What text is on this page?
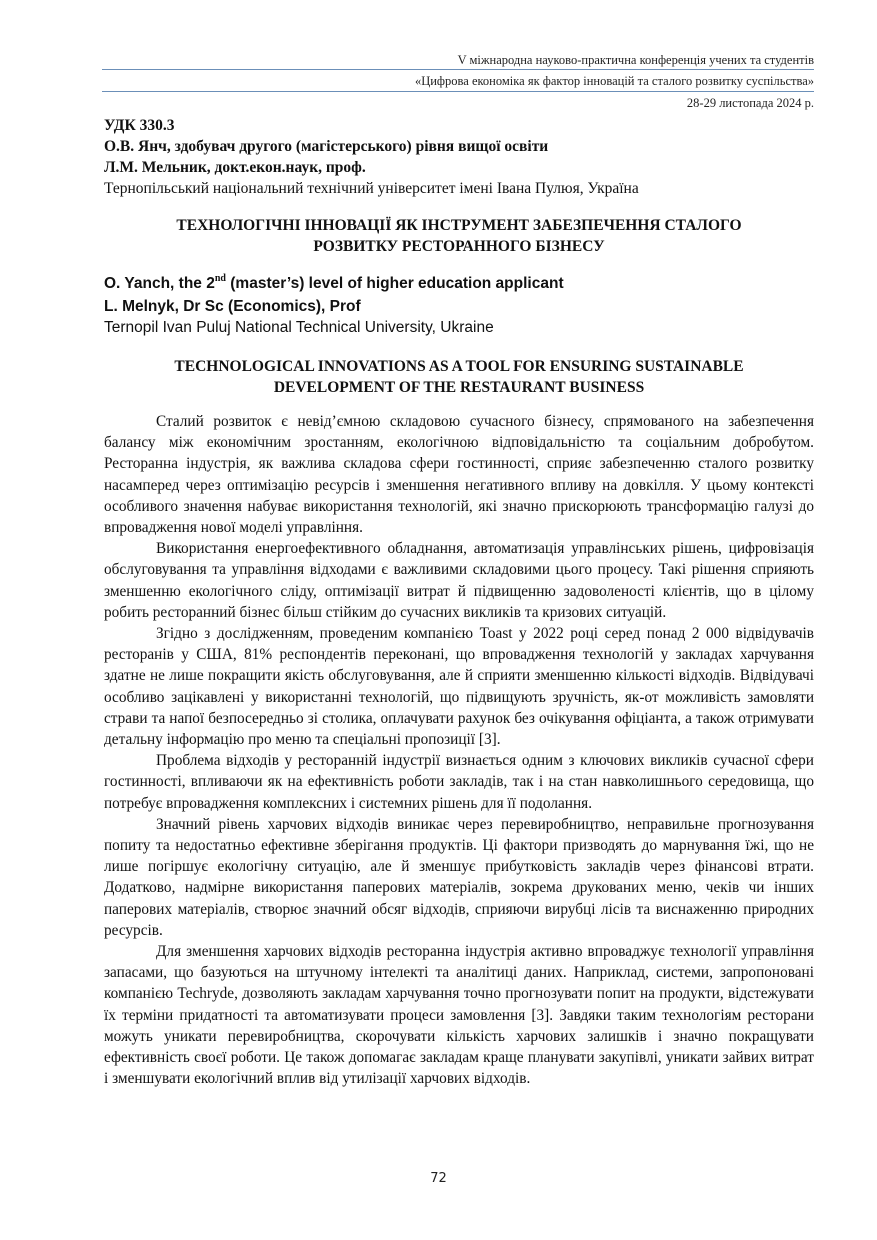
V міжнародна науково-практична конференція учених та студентів
«Цифрова економіка як фактор інновацій та сталого розвитку суспільства»
28-29 листопада 2024 р.

УДК 330.3

О.В. Янч, здобувач другого (магістерського) рівня вищої освіти

Л.М. Мельник, докт.екон.наук, проф.

Тернопільський національний технічний університет імені Івана Пулюя, Україна

ТЕХНОЛОГІЧНІ ІННОВАЦІЇ ЯК ІНСТРУМЕНТ ЗАБЕЗПЕЧЕННЯ СТАЛОГО

РОЗВИТКУ РЕСТОРАННОГО БІЗНЕСУ

O. Yanch, the 2nd (master’s) level of higher education applicant

L. Melnyk, Dr Sc (Economics), Prof

Ternopil Ivan Puluj National Technical University, Ukraine

TECHNOLOGICAL INNOVATIONS AS A TOOL FOR ENSURING SUSTAINABLE

DEVELOPMENT OF THE RESTAURANT BUSINESS

Сталий розвиток є невід’ємною складовою сучасного бізнесу, спрямованого на забезпечення балансу між економічним зростанням, екологічною відповідальністю та соціальним добробутом. Ресторанна індустрія, як важлива складова сфери гостинності, сприяє забезпеченню сталого розвитку насамперед через оптимізацію ресурсів і зменшення негативного впливу на довкілля. У цьому контексті особливого значення набуває використання технологій, які значно прискорюють трансформацію галузі до впровадження нової моделі управління.

Використання енергоефективного обладнання, автоматизація управлінських рішень, цифровізація обслуговування та управління відходами є важливими складовими цього процесу. Такі рішення сприяють зменшенню екологічного сліду, оптимізації витрат й підвищенню задоволеності клієнтів, що в цілому робить ресторанний бізнес більш стійким до сучасних викликів та кризових ситуацій.

Згідно з дослідженням, проведеним компанією Toast у 2022 році серед понад 2 000 відвідувачів ресторанів у США, 81% респондентів переконані, що впровадження технологій у закладах харчування здатне не лише покращити якість обслуговування, але й сприяти зменшенню кількості відходів. Відвідувачі особливо зацікавлені у використанні технологій, що підвищують зручність, як-от можливість замовляти страви та напої безпосередньо зі столика, оплачувати рахунок без очікування офіціанта, а також отримувати детальну інформацію про меню та спеціальні пропозиції [3].

Проблема відходів у ресторанній індустрії визнається одним з ключових викликів сучасної сфери гостинності, впливаючи як на ефективність роботи закладів, так і на стан навколишнього середовища, що потребує впровадження комплексних і системних рішень для її подолання.

Значний рівень харчових відходів виникає через перевиробництво, неправильне прогнозування попиту та недостатньо ефективне зберігання продуктів. Ці фактори призводять до марнування їжі, що не лише погіршує екологічну ситуацію, але й зменшує прибутковість закладів через фінансові втрати. Додатково, надмірне використання паперових матеріалів, зокрема друкованих меню, чеків чи інших паперових матеріалів, створює значний обсяг відходів, сприяючи вирубці лісів та виснаженню природних ресурсів.

Для зменшення харчових відходів ресторанна індустрія активно впроваджує технології управління запасами, що базуються на штучному інтелекті та аналітиці даних. Наприклад, системи, запропоновані компанією Techryde, дозволяють закладам харчування точно прогнозувати попит на продукти, відстежувати їх терміни придатності та автоматизувати процеси замовлення [3]. Завдяки таким технологіям ресторани можуть уникати перевиробництва, скорочувати кількість харчових залишків і значно покращувати ефективність своєї роботи. Це також допомагає закладам краще планувати закупівлі, уникати зайвих витрат і зменшувати екологічний вплив від утилізації харчових відходів.

72
